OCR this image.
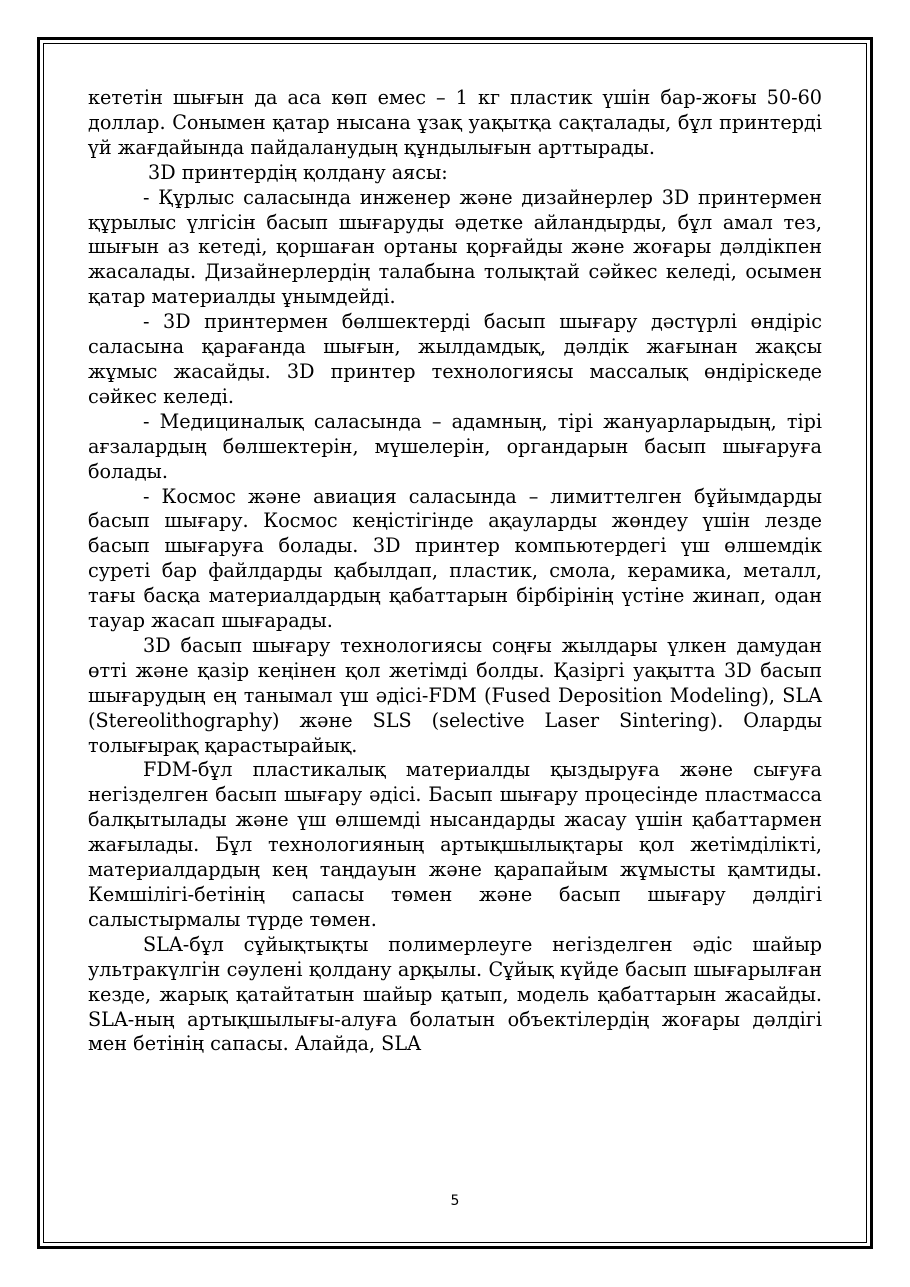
кететін шығын да аса көп емес – 1 кг пластик үшін бар-жоғы 50-60 доллар. Сонымен қатар нысана ұзақ уақытқа сақталады, бұл принтерді үй жағдайында пайдаланудың құндылығын арттырады.

3D принтердің қолдану аясы:

- Құрлыс саласында инженер және дизайнерлер 3D принтермен құрылыс үлгісін басып шығаруды әдетке айландырды, бұл амал тез, шығын аз кетеді, қоршаған ортаны қорғайды және жоғары дәлдікпен жасалады. Дизайнерлердің талабына толықтай сәйкес келеді, осымен қатар материалды ұнымдейді.

- 3D принтермен бөлшектерді басып шығару дәстүрлі өндіріс саласына қарағанда шығын, жылдамдық, дәлдік жағынан жақсы жұмыс жасайды. 3D принтер технологиясы массалық өндіріскеде сәйкес келеді.

- Медициналық саласында – адамның, тірі жануарларыдың, тірі ағзалардың бөлшектерін, мүшелерін, органдарын басып шығаруға болады.

- Космос және авиация саласында – лимиттелген бұйымдарды басып шығару. Космос кеңістігінде ақауларды жөндеу үшін лезде басып шығаруға болады. 3D принтер компьютердегі үш өлшемдік суреті бар файлдарды қабылдап, пластик, смола, керамика, металл, тағы басқа материалдардың қабаттарын бірбірінің үстіне жинап, одан тауар жасап шығарады.

3D басып шығару технологиясы соңғы жылдары үлкен дамудан өтті және қазір кеңінен қол жетімді болды. Қазіргі уақытта 3D басып шығарудың ең танымал үш әдісі-FDM (Fused Deposition Modeling), SLA (Stereolithography) және SLS (selective Laser Sintering). Оларды толығырақ қарастырайық.

FDM-бұл пластикалық материалды қыздыруға және сығуға негізделген басып шығару әдісі. Басып шығару процесінде пластмасса балқытылады және үш өлшемді нысандарды жасау үшін қабаттармен жағылады. Бұл технологияның артықшылықтары қол жетімділікті, материалдардың кең таңдауын және қарапайым жұмысты қамтиды. Кемшілігі-бетінің сапасы төмен және басып шығару дәлдігі салыстырмалы түрде төмен.

SLA-бұл сұйықтықты полимерлеуге негізделген әдіс шайыр ультракүлгін сәулені қолдану арқылы. Сұйық күйде басып шығарылған кезде, жарық қатайтатын шайыр қатып, модель қабаттарын жасайды. SLA-ның артықшылығы-алуға болатын объектілердің жоғары дәлдігі мен бетінің сапасы. Алайда, SLA

5
